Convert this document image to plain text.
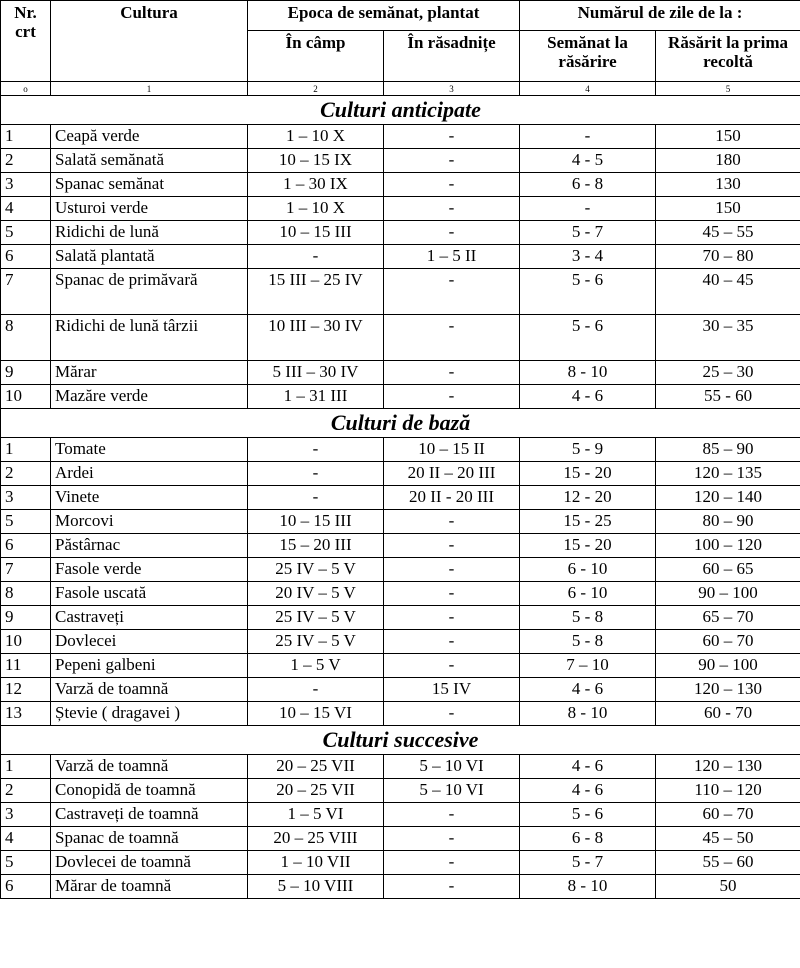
Nr. crt	Cultura	Epoca de semănat, plantat		Numărul de zile de la :	
		În câmp	În răsadnițe	Semănat la răsărire	Răsărit la prima recoltă
o	1	2	3	4	5
Culturi anticipate					
1	Ceapă verde	1 – 10 X	-	-	150
2	Salată semănată	10 – 15 IX	-	4 - 5	180
3	Spanac semănat	1 – 30 IX	-	6 - 8	130
4	Usturoi verde	1 – 10 X	-	-	150
5	Ridichi de lună	10 – 15 III	-	5 - 7	45 – 55
6	Salată plantată	-	1 – 5 II	3 - 4	70 – 80
7	Spanac de primăvară	15 III – 25 IV	-	5 - 6	40 – 45
8	Ridichi de lună târzii	10 III – 30 IV	-	5 - 6	30 – 35
9	Mărar	5 III – 30 IV	-	8 - 10	25 – 30
10	Mazăre verde	1 – 31 III	-	4 - 6	55 - 60
Culturi de bază					
1	Tomate	-	10 – 15 II	5 - 9	85 – 90
2	Ardei	-	20 II – 20 III	15 - 20	120 – 135
3	Vinete	-	20 II - 20 III	12 - 20	120 – 140
5	Morcovi	10 – 15 III	-	15 - 25	80 – 90
6	Păstârnac	15 – 20 III	-	15 - 20	100 – 120
7	Fasole verde	25 IV – 5 V	-	6 - 10	60 – 65
8	Fasole uscată	20 IV – 5 V	-	6 - 10	90 – 100
9	Castraveți	25 IV – 5 V	-	5 - 8	65 – 70
10	Dovlecei	25 IV – 5 V	-	5 - 8	60 – 70
11	Pepeni galbeni	1 – 5 V	-	7 – 10	90 – 100
12	Varză de toamnă	-	15 IV	4 - 6	120 – 130
13	Ștevie ( dragavei )	10 – 15 VI	-	8 - 10	60 - 70
Culturi succesive					
1	Varză de toamnă	20 – 25 VII	5 – 10 VI	4 - 6	120 – 130
2	Conopidă de toamnă	20 – 25 VII	5 – 10 VI	4 - 6	110 – 120
3	Castraveți de toamnă	1 – 5 VI	-	5 - 6	60 – 70
4	Spanac de toamnă	20 – 25 VIII	-	6 - 8	45 – 50
5	Dovlecei de toamnă	1 – 10 VII	-	5 - 7	55 – 60
6	Mărar de toamnă	5 – 10 VIII	-	8 - 10	50
